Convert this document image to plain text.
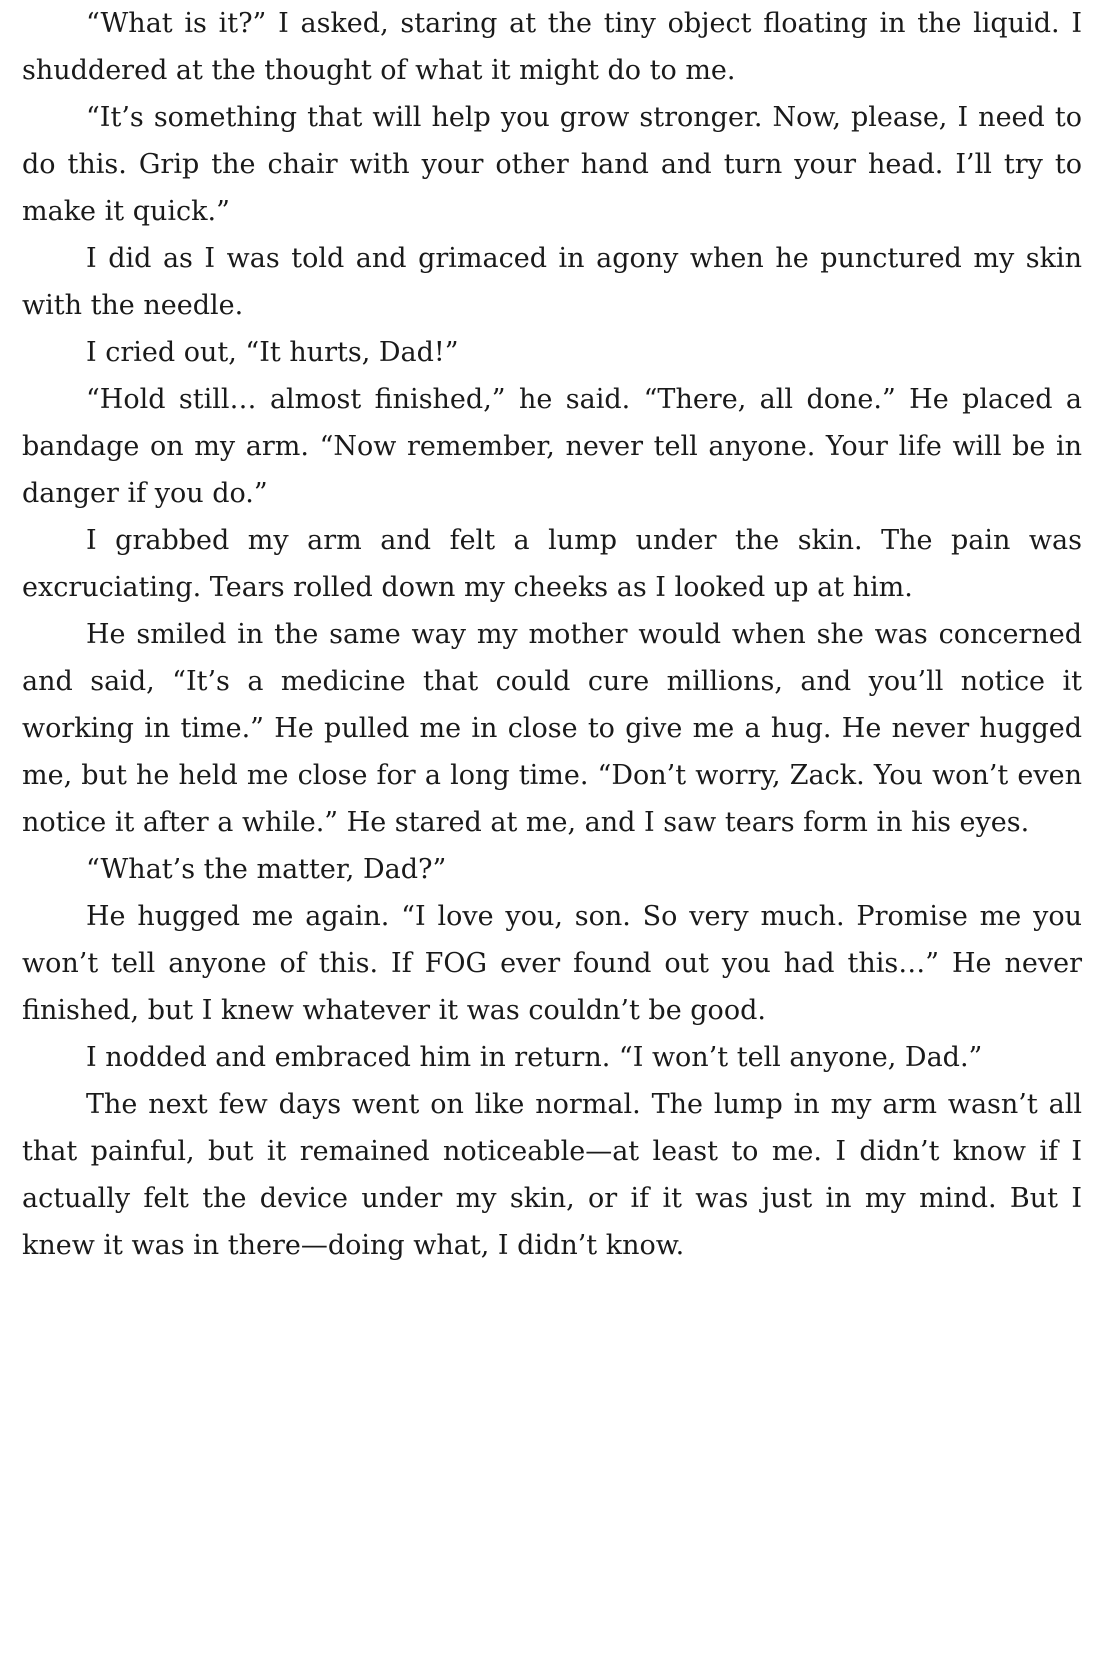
“What is it?” I asked, staring at the tiny object floating in the liquid. I shuddered at the thought of what it might do to me.

“It’s something that will help you grow stronger. Now, please, I need to do this. Grip the chair with your other hand and turn your head. I’ll try to make it quick.”

I did as I was told and grimaced in agony when he punctured my skin with the needle.

I cried out, “It hurts, Dad!”

“Hold still… almost finished,” he said. “There, all done.” He placed a bandage on my arm. “Now remember, never tell anyone. Your life will be in danger if you do.”

I grabbed my arm and felt a lump under the skin. The pain was excruciating. Tears rolled down my cheeks as I looked up at him.

He smiled in the same way my mother would when she was concerned and said, “It’s a medicine that could cure millions, and you’ll notice it working in time.” He pulled me in close to give me a hug. He never hugged me, but he held me close for a long time. “Don’t worry, Zack. You won’t even notice it after a while.” He stared at me, and I saw tears form in his eyes.

“What’s the matter, Dad?”

He hugged me again. “I love you, son. So very much. Promise me you won’t tell anyone of this. If FOG ever found out you had this…” He never finished, but I knew whatever it was couldn’t be good.

I nodded and embraced him in return. “I won’t tell anyone, Dad.”

The next few days went on like normal. The lump in my arm wasn’t all that painful, but it remained noticeable—at least to me. I didn’t know if I actually felt the device under my skin, or if it was just in my mind. But I knew it was in there—doing what, I didn’t know.
